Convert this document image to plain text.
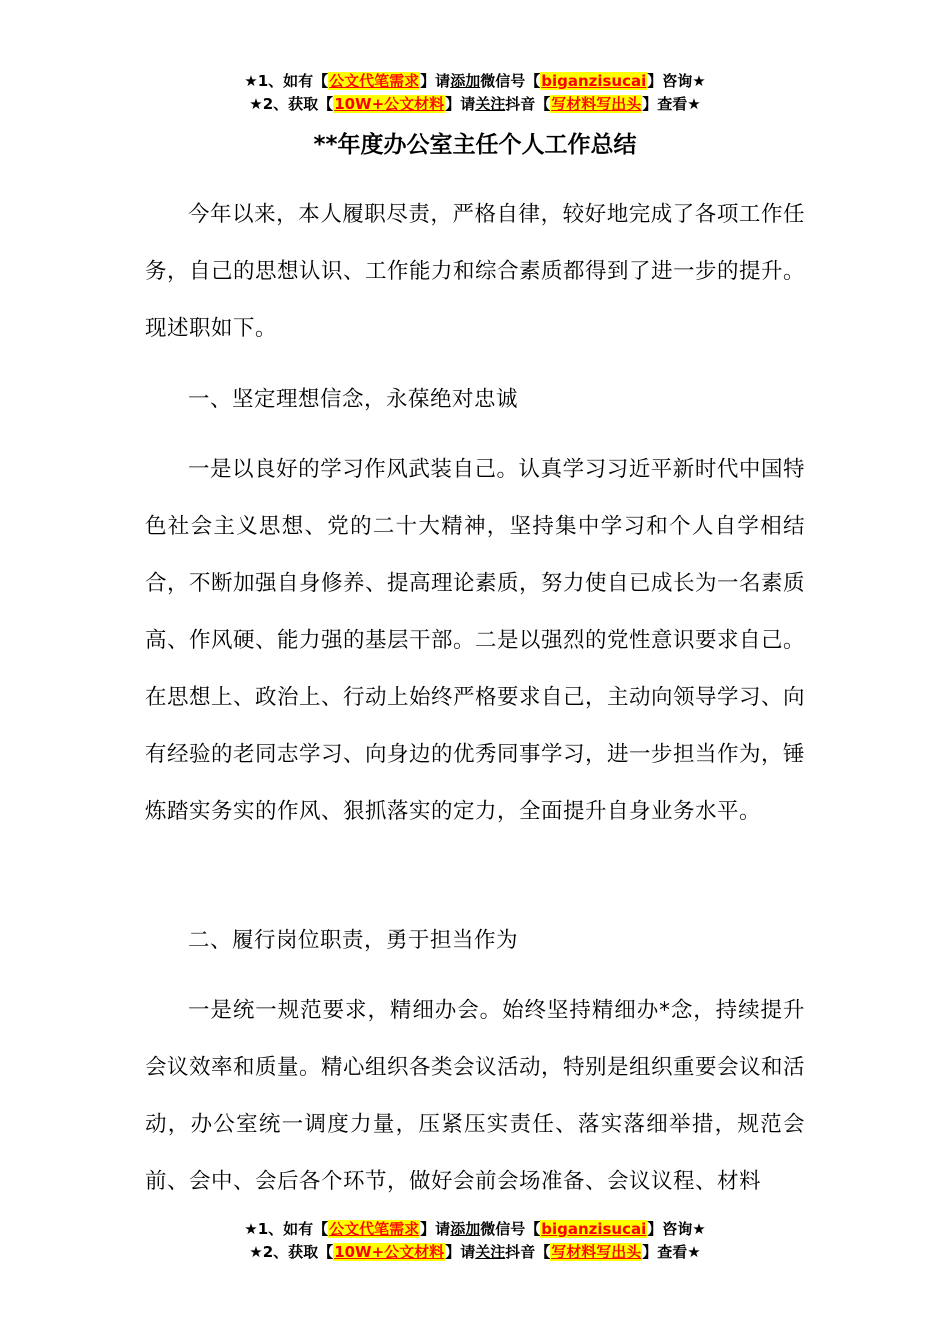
★1、如有【公文代笔需求】请添加微信号【biganzisucai】咨询★
★2、获取【10W+公文材料】请关注抖音【写材料写出头】查看★
**年度办公室主任个人工作总结

今年以来，本人履职尽责，严格自律，较好地完成了各项工作任务，自己的思想认识、工作能力和综合素质都得到了进一步的提升。现述职如下。

一、坚定理想信念，永葆绝对忠诚

一是以良好的学习作风武装自己。认真学习习近平新时代中国特色社会主义思想、党的二十大精神，坚持集中学习和个人自学相结合，不断加强自身修养、提高理论素质，努力使自已成长为一名素质高、作风硬、能力强的基层干部。二是以强烈的党性意识要求自己。在思想上、政治上、行动上始终严格要求自己，主动向领导学习、向有经验的老同志学习、向身边的优秀同事学习，进一步担当作为，锤炼踏实务实的作风、狠抓落实的定力，全面提升自身业务水平。

二、履行岗位职责，勇于担当作为

一是统一规范要求，精细办会。始终坚持精细办*念，持续提升会议效率和质量。精心组织各类会议活动，特别是组织重要会议和活动，办公室统一调度力量，压紧压实责任、落实落细举措，规范会前、会中、会后各个环节，做好会前会场准备、会议议程、材料

★1、如有【公文代笔需求】请添加微信号【biganzisucai】咨询★
★2、获取【10W+公文材料】请关注抖音【写材料写出头】查看★
